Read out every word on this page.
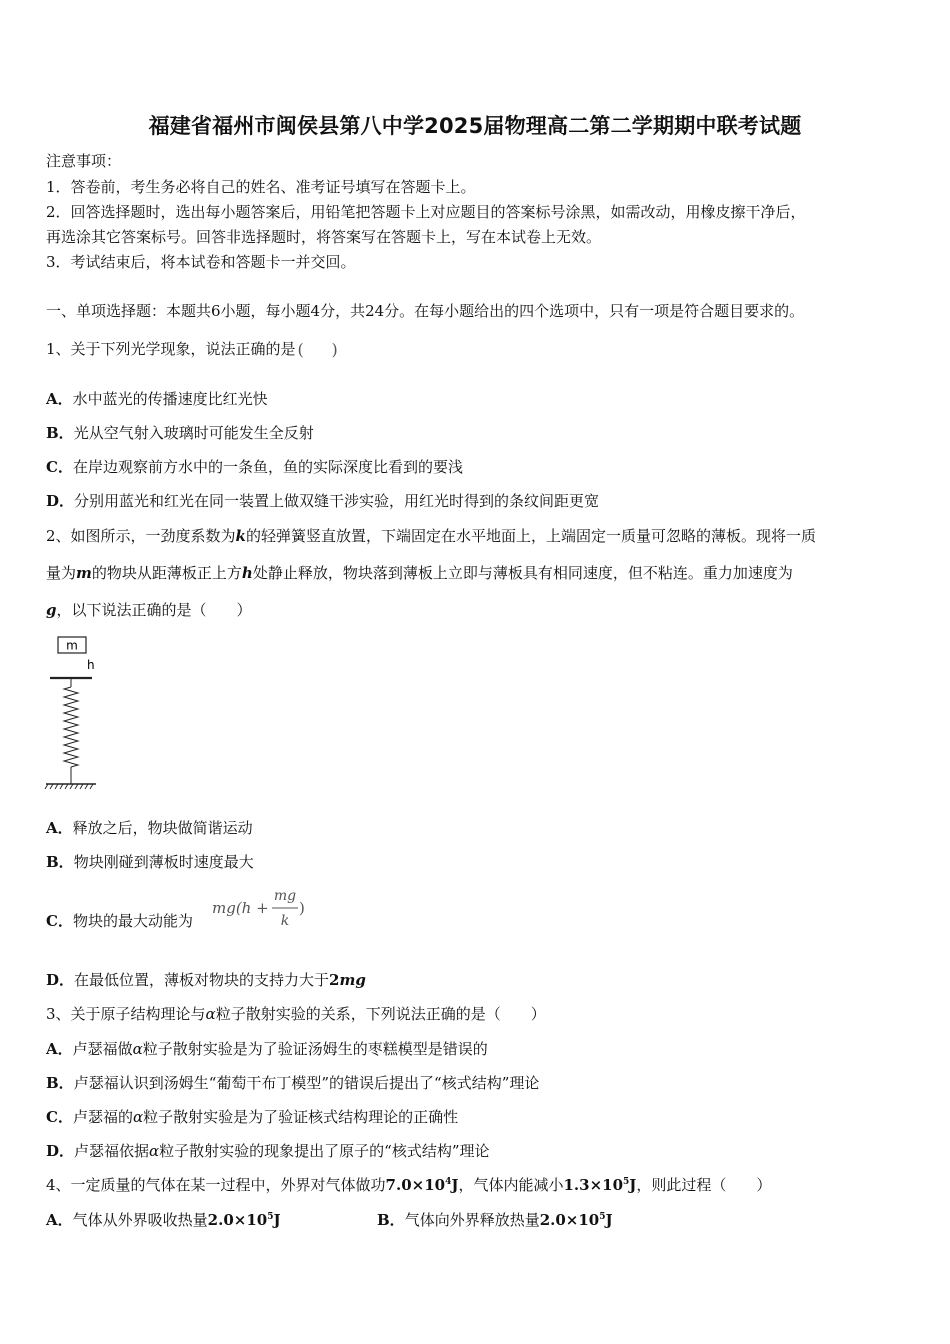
福建省福州市闽侯县第八中学2025届物理高二第二学期期中联考试题
注意事项：
1．答卷前，考生务必将自己的姓名、准考证号填写在答题卡上。
2．回答选择题时，选出每小题答案后，用铅笔把答题卡上对应题目的答案标号涂黑，如需改动，用橡皮擦干净后，
再选涂其它答案标号。回答非选择题时，将答案写在答题卡上，写在本试卷上无效。
3．考试结束后，将本试卷和答题卡一并交回。
一、单项选择题：本题共6小题，每小题4分，共24分。在每小题给出的四个选项中，只有一项是符合题目要求的。
1、关于下列光学现象，说法正确的是 ( )
A．水中蓝光的传播速度比红光快
B．光从空气射入玻璃时可能发生全反射
C．在岸边观察前方水中的一条鱼，鱼的实际深度比看到的要浅
D．分别用蓝光和红光在同一装置上做双缝干涉实验，用红光时得到的条纹间距更宽
2、如图所示，一劲度系数为k的轻弹簧竖直放置，下端固定在水平地面上，上端固定一质量可忽略的薄板。现将一质
量为m的物块从距薄板正上方h处静止释放，物块落到薄板上立即与薄板具有相同速度，但不粘连。重力加速度为
g，以下说法正确的是（　　）
m
h
A．释放之后，物块做简谐运动
B．物块刚碰到薄板时速度最大
C．物块的最大动能为
mg(h +
mg
k
)
D．在最低位置，薄板对物块的支持力大于2mg
3、关于原子结构理论与α粒子散射实验的关系，下列说法正确的是（　　）
A．卢瑟福做α粒子散射实验是为了验证汤姆生的枣糕模型是错误的
B．卢瑟福认识到汤姆生“葡萄干布丁模型”的错误后提出了“核式结构”理论
C．卢瑟福的α粒子散射实验是为了验证核式结构理论的正确性
D．卢瑟福依据α粒子散射实验的现象提出了原子的“核式结构”理论
4、一定质量的气体在某一过程中，外界对气体做功$7.0\times 10^4J$，气体内能减小$1.3\times 10^5J$，则此过程（　　）
A．气体从外界吸收热量$2.0\times 10^5J$	B．气体向外界释放热量$2.0\times 10^5J$
